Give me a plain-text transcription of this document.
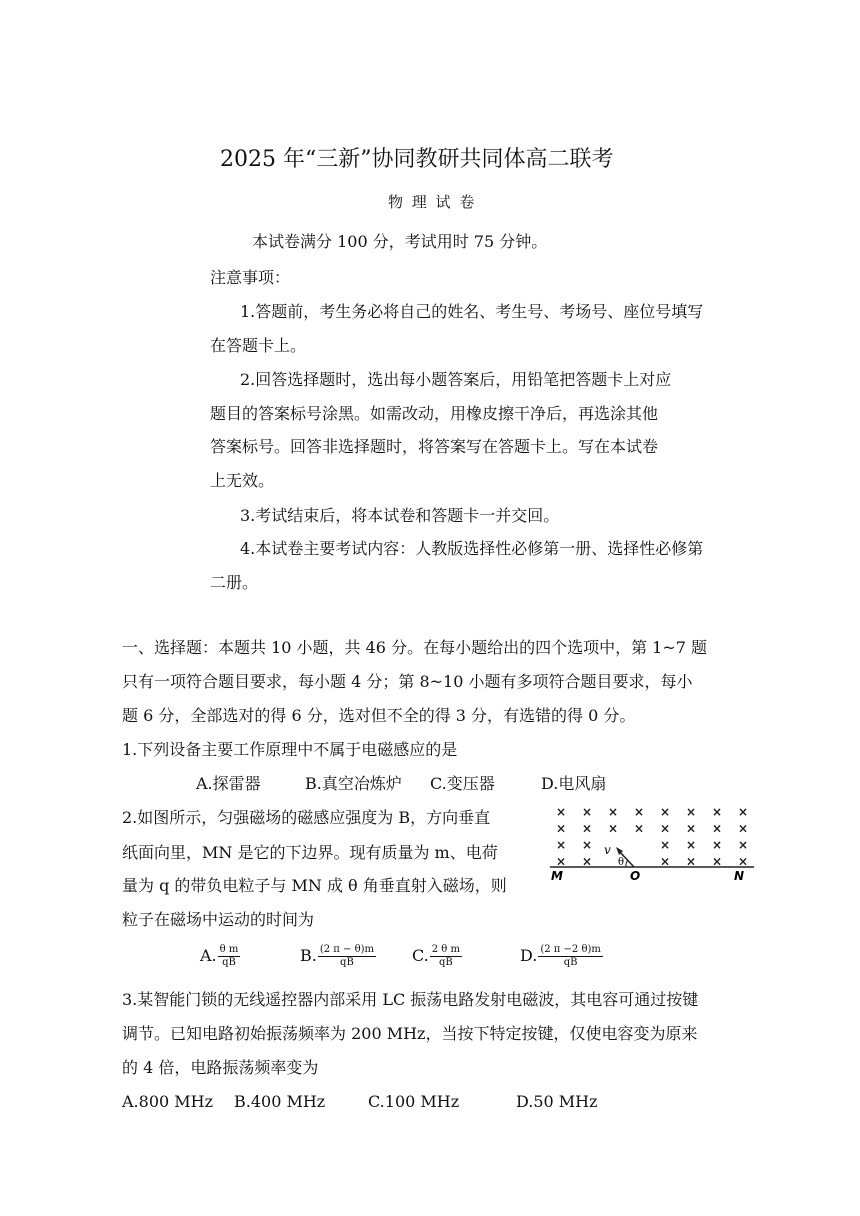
2025 年“三新”协同教研共同体高二联考
物 理 试 卷
本试卷满分 100 分，考试用时 75 分钟。
注意事项：
1.答题前，考生务必将自己的姓名、考生号、考场号、座位号填写
在答题卡上。
2.回答选择题时，选出每小题答案后，用铅笔把答题卡上对应
题目的答案标号涂黑。如需改动，用橡皮擦干净后，再选涂其他
答案标号。回答非选择题时，将答案写在答题卡上。写在本试卷
上无效。
3.考试结束后，将本试卷和答题卡一并交回。
4.本试卷主要考试内容：人教版选择性必修第一册、选择性必修第
二册。
一、选择题：本题共 10 小题，共 46 分。在每小题给出的四个选项中，第 1~7 题
只有一项符合题目要求，每小题 4 分；第 8~10 小题有多项符合题目要求，每小
题 6 分，全部选对的得 6 分，选对但不全的得 3 分，有选错的得 0 分。
1.下列设备主要工作原理中不属于电磁感应的是
A.探雷器	B.真空冶炼炉 C.变压器	D.电风扇
2.如图所示，匀强磁场的磁感应强度为 B，方向垂直
纸面向里，MN 是它的下边界。现有质量为 m、电荷
量为 q 的带负电粒子与 MN 成 θ 角垂直射入磁场，则
粒子在磁场中运动的时间为
× × × × × × × ×
× × × × × × × ×
× ×	× × × ×
× ×	× × × ×
v
θ
M	O	N
A. $\frac{\text{θ m}}{qB}$	B. $\frac{(2 \pi - \theta)m}{qB} C$. $\frac{\text{2 θ m}}{qB}$	D. $\frac{(2 \pi -2 \theta)m}{qB}$
3.某智能门锁的无线遥控器内部采用 LC 振荡电路发射电磁波，其电容可通过按键
调节。已知电路初始振荡频率为 200 MHz，当按下特定按键，仅使电容变为原来
的 4 倍，电路振荡频率变为
A.800 MHz B.400 MHz	C.100 MHz	D.50 MHz
